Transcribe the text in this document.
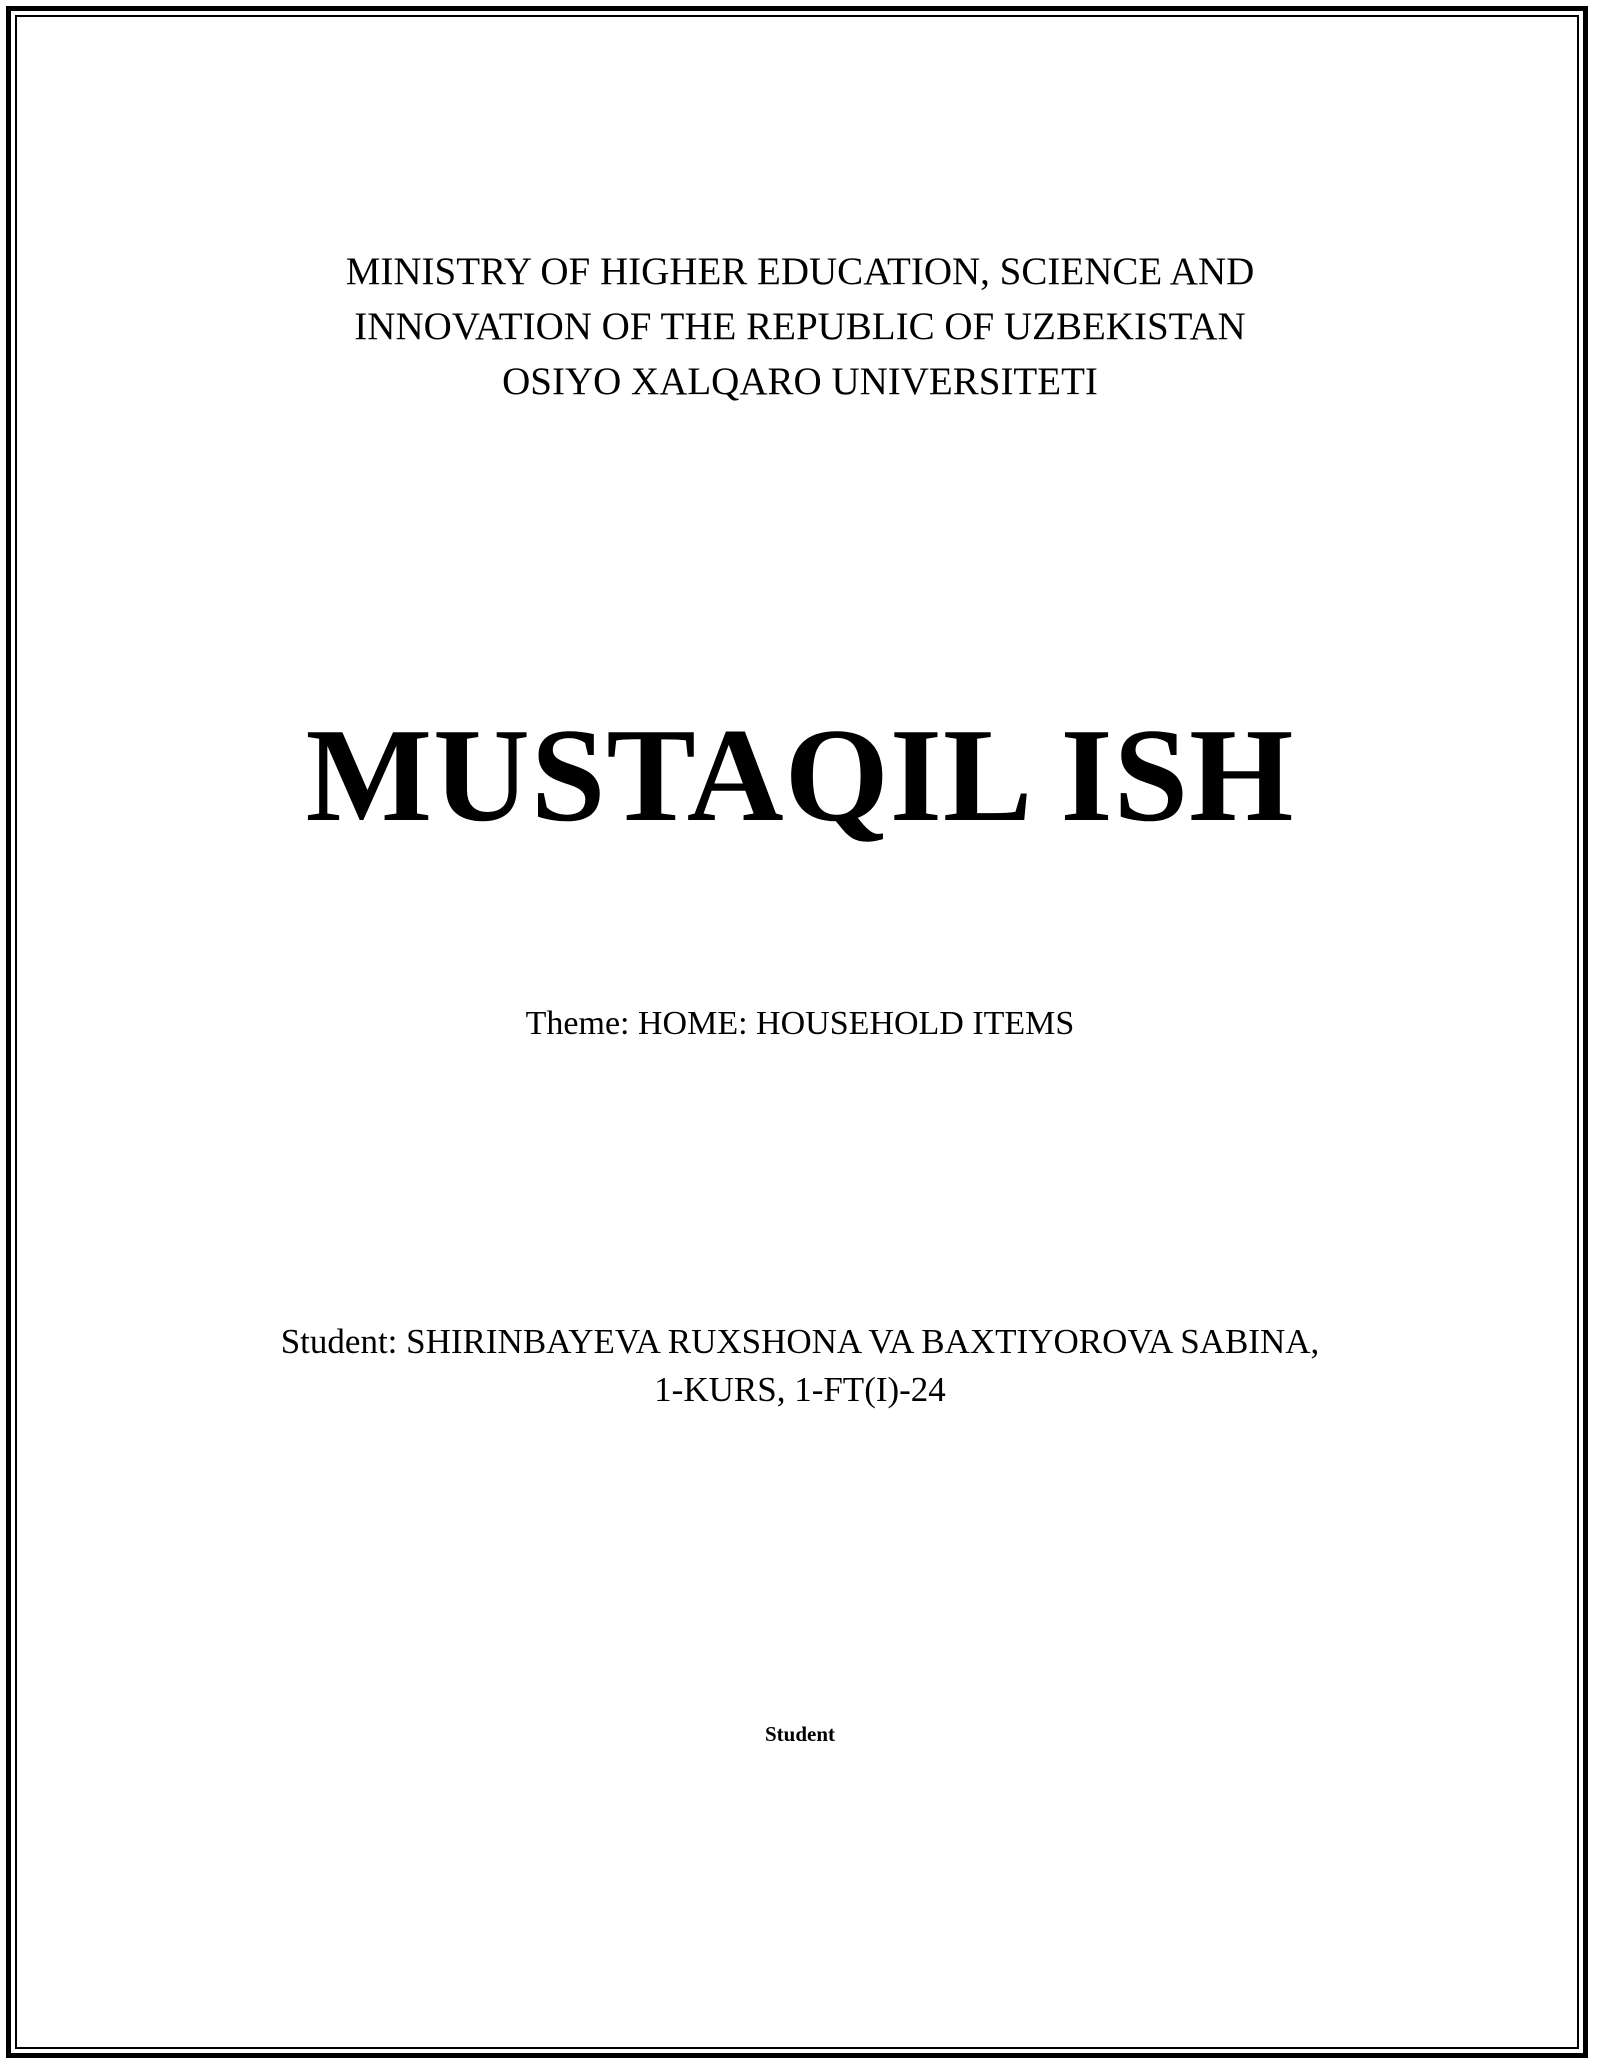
MINISTRY OF HIGHER EDUCATION, SCIENCE AND
INNOVATION OF THE REPUBLIC OF UZBEKISTAN
OSIYO XALQARO UNIVERSITETI
MUSTAQIL ISH
Theme: HOME: HOUSEHOLD ITEMS
Student: SHIRINBAYEVA RUXSHONA VA BAXTIYOROVA SABINA,
1-KURS, 1-FT(I)-24
Student
